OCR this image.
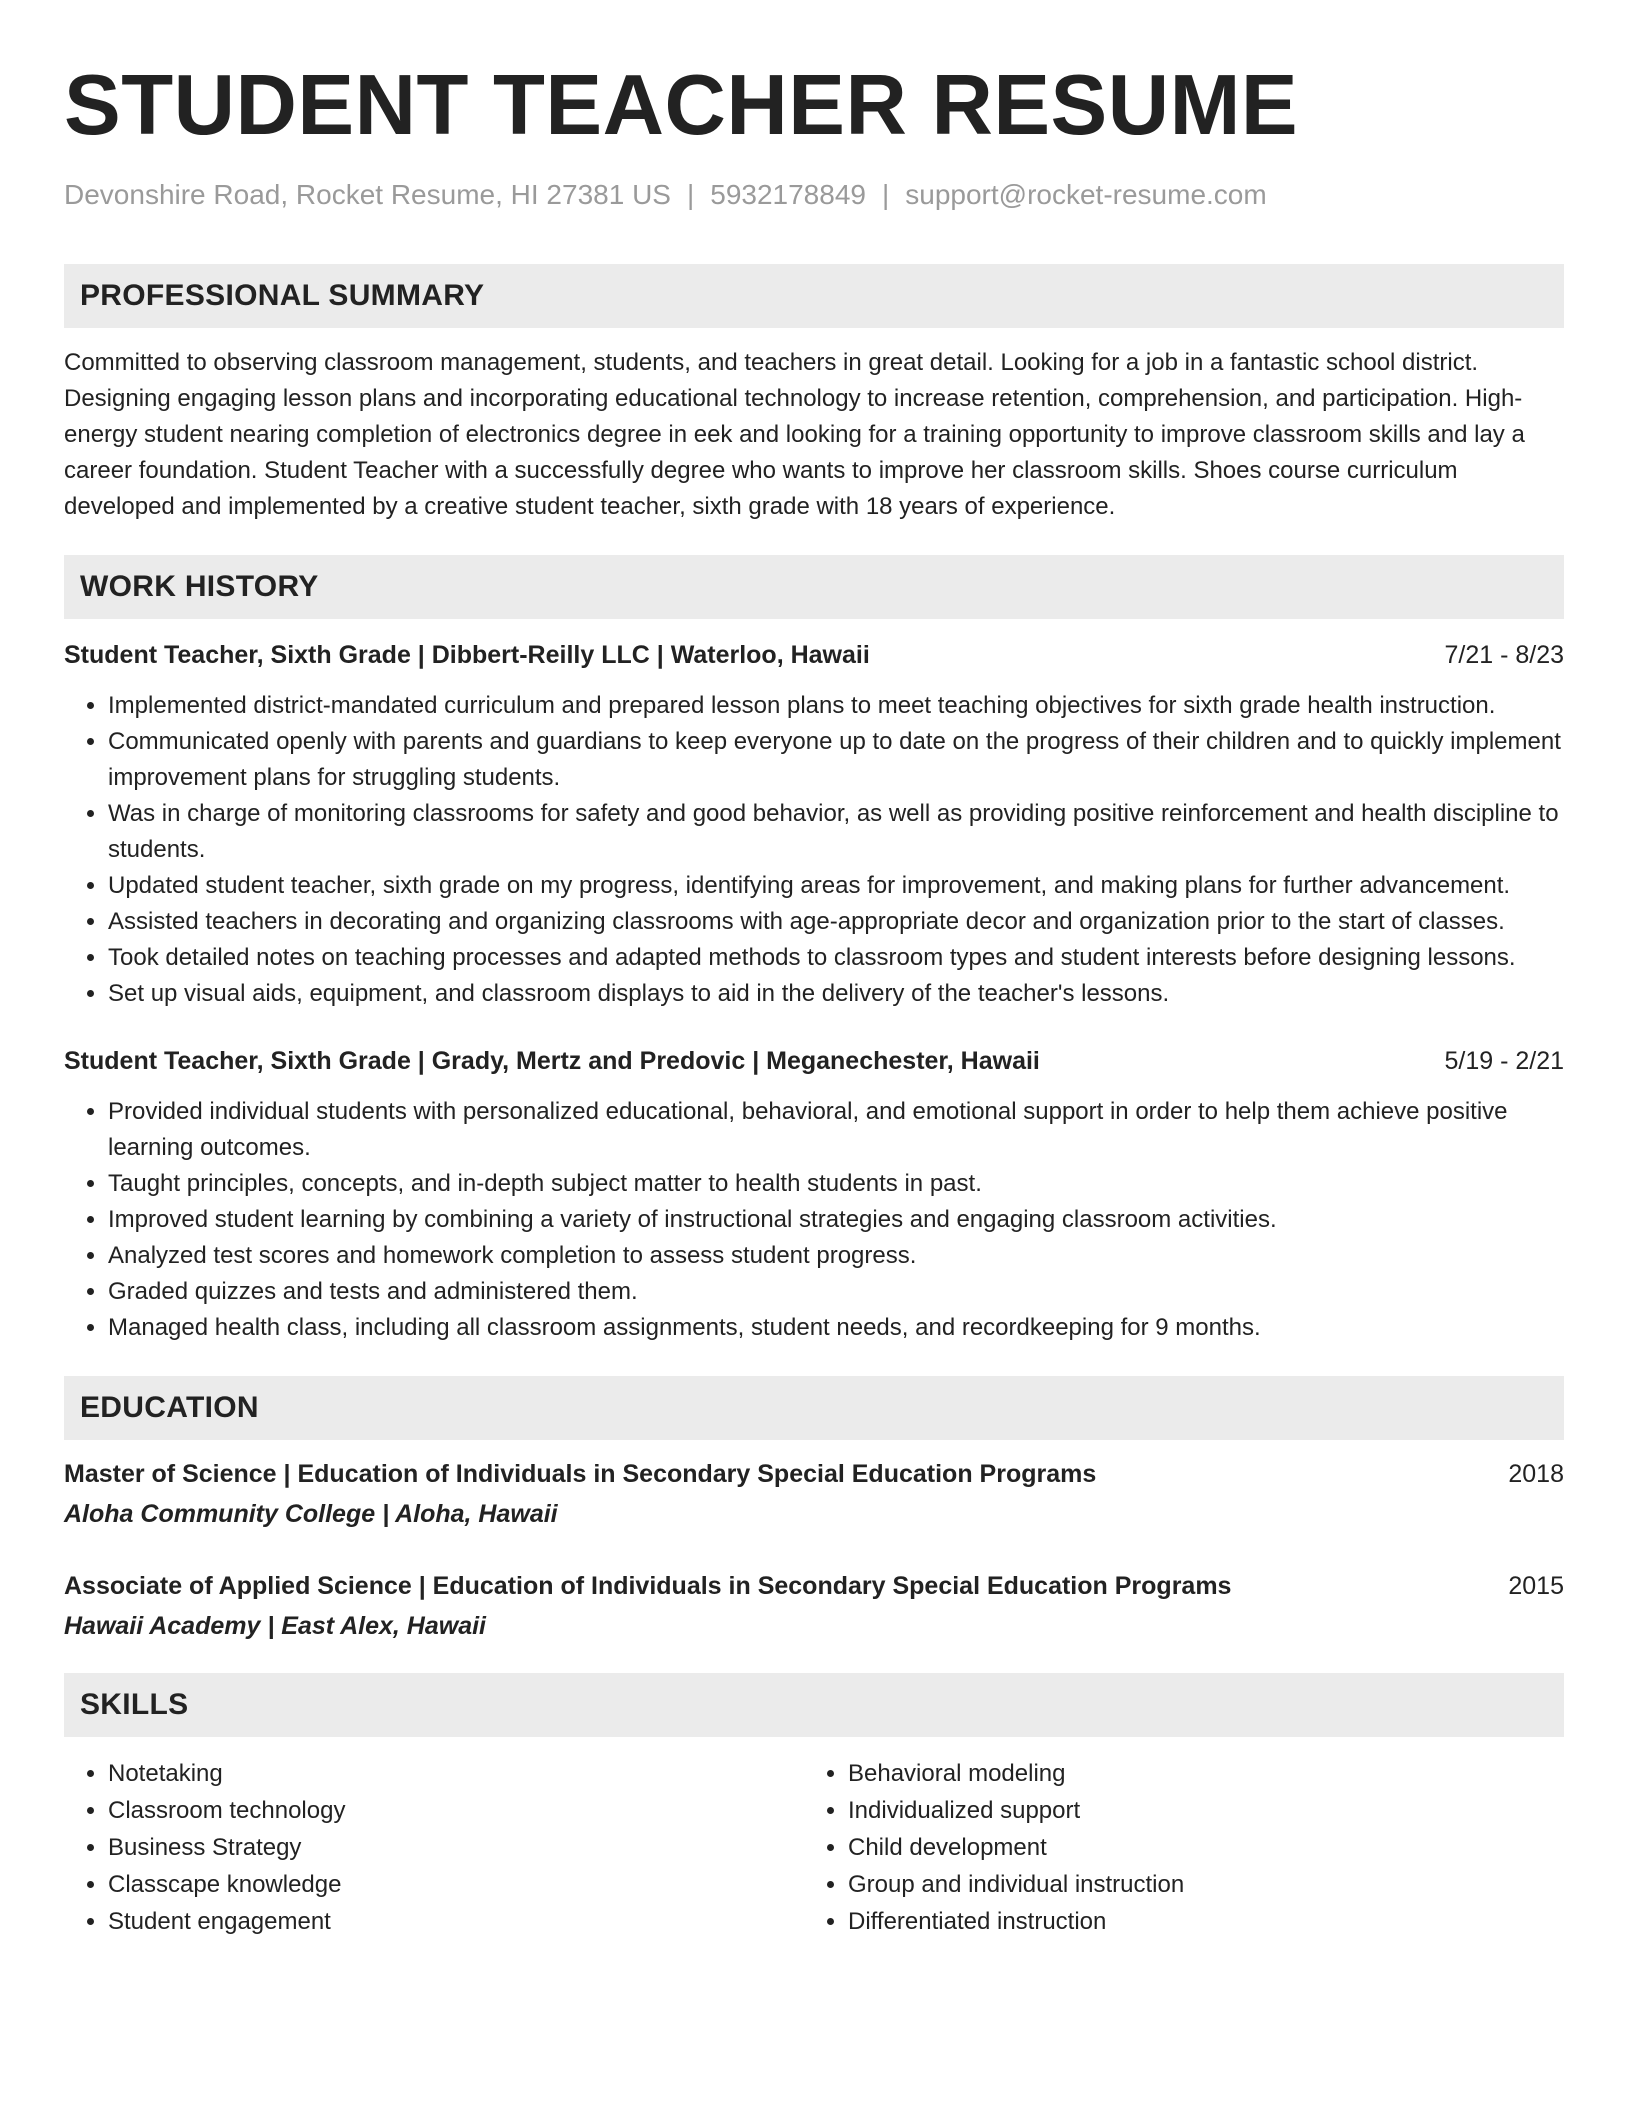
STUDENT TEACHER RESUME
Devonshire Road, Rocket Resume, HI 27381 US | 5932178849 | support@rocket-resume.com
PROFESSIONAL SUMMARY

Committed to observing classroom management, students, and teachers in great detail. Looking for a job in a fantastic school district. Designing engaging lesson plans and incorporating educational technology to increase retention, comprehension, and participation. High-energy student nearing completion of electronics degree in eek and looking for a training opportunity to improve classroom skills and lay a career foundation. Student Teacher with a successfully degree who wants to improve her classroom skills. Shoes course curriculum developed and implemented by a creative student teacher, sixth grade with 18 years of experience.

WORK HISTORY
Student Teacher, Sixth Grade | Dibbert-Reilly LLC | Waterloo, Hawaii	7/21 - 8/23
• Implemented district-mandated curriculum and prepared lesson plans to meet teaching objectives for sixth grade health instruction.
• Communicated openly with parents and guardians to keep everyone up to date on the progress of their children and to quickly implement improvement plans for struggling students.
• Was in charge of monitoring classrooms for safety and good behavior, as well as providing positive reinforcement and health discipline to students.
• Updated student teacher, sixth grade on my progress, identifying areas for improvement, and making plans for further advancement.
• Assisted teachers in decorating and organizing classrooms with age-appropriate decor and organization prior to the start of classes.
• Took detailed notes on teaching processes and adapted methods to classroom types and student interests before designing lessons.
• Set up visual aids, equipment, and classroom displays to aid in the delivery of the teacher's lessons.
Student Teacher, Sixth Grade | Grady, Mertz and Predovic | Meganechester, Hawaii	5/19 - 2/21
• Provided individual students with personalized educational, behavioral, and emotional support in order to help them achieve positive learning outcomes.
• Taught principles, concepts, and in-depth subject matter to health students in past.
• Improved student learning by combining a variety of instructional strategies and engaging classroom activities.
• Analyzed test scores and homework completion to assess student progress.
• Graded quizzes and tests and administered them.
• Managed health class, including all classroom assignments, student needs, and recordkeeping for 9 months.
EDUCATION
Master of Science | Education of Individuals in Secondary Special Education Programs	2018
Aloha Community College | Aloha, Hawaii
Associate of Applied Science | Education of Individuals in Secondary Special Education Programs	2015
Hawaii Academy | East Alex, Hawaii
SKILLS
• Notetaking
• Classroom technology
• Business Strategy
• Classcape knowledge
• Student engagement
• Behavioral modeling
• Individualized support
• Child development
• Group and individual instruction
• Differentiated instruction
